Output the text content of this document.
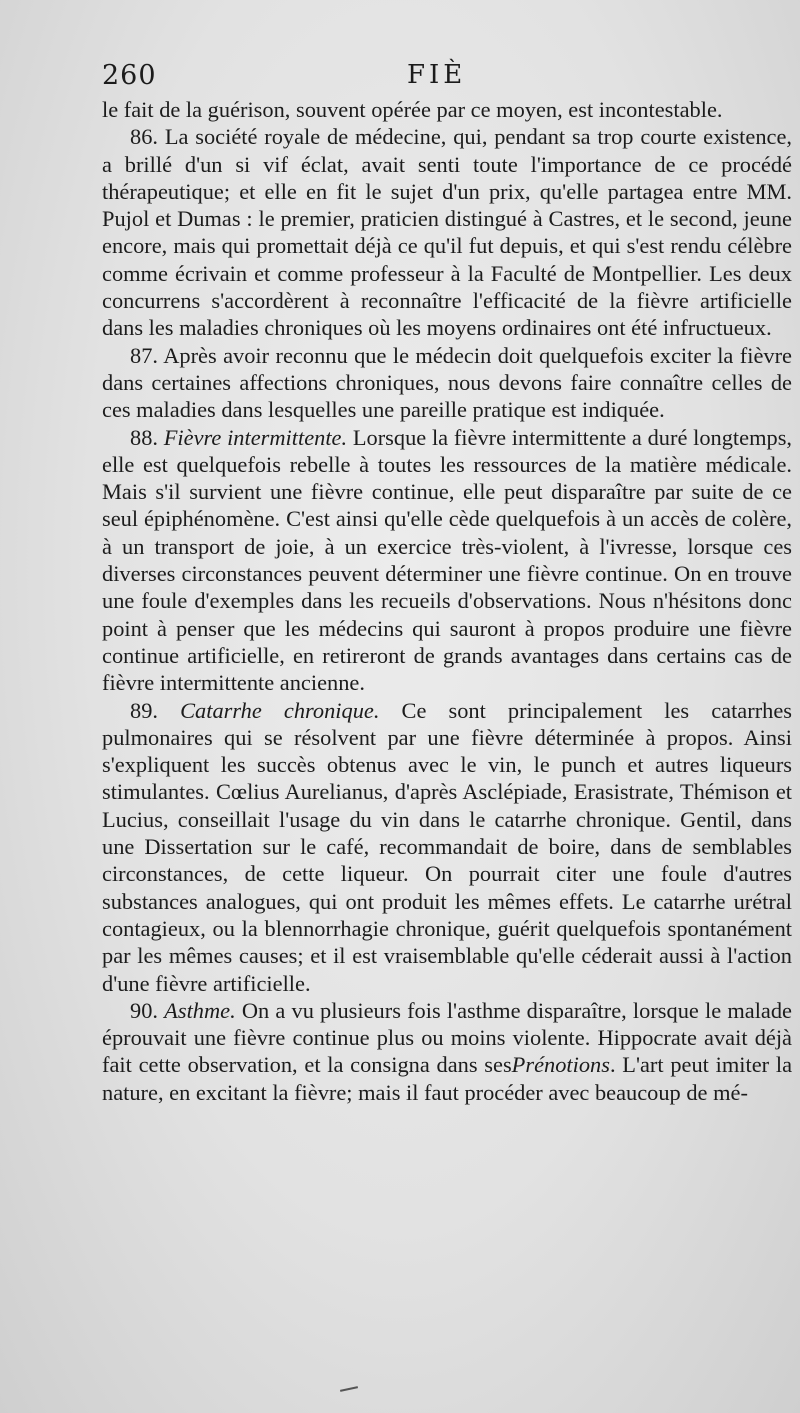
260	FIÈ

le fait de la guérison, souvent opérée par ce moyen, est incontestable.

86. La société royale de médecine, qui, pendant sa trop courte existence, a brillé d'un si vif éclat, avait senti toute l'importance de ce procédé thérapeutique; et elle en fit le sujet d'un prix, qu'elle partagea entre MM. Pujol et Dumas : le premier, praticien distingué à Castres, et le second, jeune encore, mais qui promettait déjà ce qu'il fut depuis, et qui s'est rendu célèbre comme écrivain et comme professeur à la Faculté de Montpellier. Les deux concurrens s'accordèrent à reconnaître l'efficacité de la fièvre artificielle dans les maladies chroniques où les moyens ordinaires ont été infructueux.

87. Après avoir reconnu que le médecin doit quelquefois exciter la fièvre dans certaines affections chroniques, nous devons faire connaître celles de ces maladies dans lesquelles une pareille pratique est indiquée.

88. Fièvre intermittente. Lorsque la fièvre intermittente a duré longtemps, elle est quelquefois rebelle à toutes les ressources de la matière médicale. Mais s'il survient une fièvre continue, elle peut disparaître par suite de ce seul épiphénomène. C'est ainsi qu'elle cède quelquefois à un accès de colère, à un transport de joie, à un exercice très-violent, à l'ivresse, lorsque ces diverses circonstances peuvent déterminer une fièvre continue. On en trouve une foule d'exemples dans les recueils d'observations. Nous n'hésitons donc point à penser que les médecins qui sauront à propos produire une fièvre continue artificielle, en retireront de grands avantages dans certains cas de fièvre intermittente ancienne.

89. Catarrhe chronique. Ce sont principalement les catarrhes pulmonaires qui se résolvent par une fièvre déterminée à propos. Ainsi s'expliquent les succès obtenus avec le vin, le punch et autres liqueurs stimulantes. Cœlius Aurelianus, d'après Asclépiade, Erasistrate, Thémison et Lucius, conseillait l'usage du vin dans le catarrhe chronique. Gentil, dans une Dissertation sur le café, recommandait de boire, dans de semblables circonstances, de cette liqueur. On pourrait citer une foule d'autres substances analogues, qui ont produit les mêmes effets. Le catarrhe urétral contagieux, ou la blennorrhagie chronique, guérit quelquefois spontanément par les mêmes causes; et il est vraisemblable qu'elle céderait aussi à l'action d'une fièvre artificielle.

90. Asthme. On a vu plusieurs fois l'asthme disparaître, lorsque le malade éprouvait une fièvre continue plus ou moins violente. Hippocrate avait déjà fait cette observation, et la consigna dans sesPrénotions. L'art peut imiter la nature, en excitant la fièvre; mais il faut procéder avec beaucoup de mé-
